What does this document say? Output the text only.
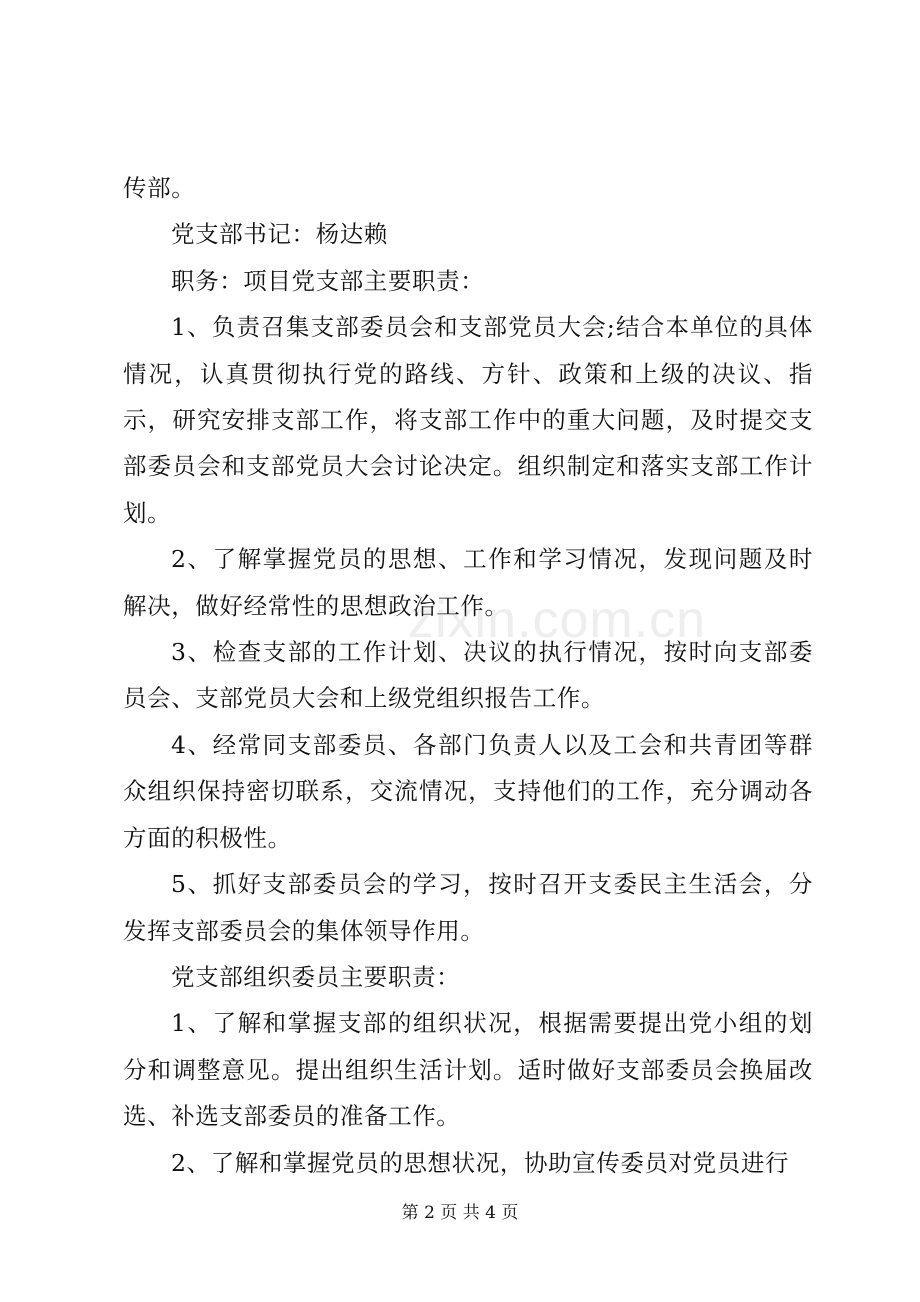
传部。

党支部书记：杨达赖

职务：项目党支部主要职责：

1、负责召集支部委员会和支部党员大会;结合本单位的具体情况，认真贯彻执行党的路线、方针、政策和上级的决议、指示，研究安排支部工作，将支部工作中的重大问题，及时提交支部委员会和支部党员大会讨论决定。组织制定和落实支部工作计划。

2、了解掌握党员的思想、工作和学习情况，发现问题及时解决，做好经常性的思想政治工作。

3、检查支部的工作计划、决议的执行情况，按时向支部委员会、支部党员大会和上级党组织报告工作。

4、经常同支部委员、各部门负责人以及工会和共青团等群众组织保持密切联系，交流情况，支持他们的工作，充分调动各方面的积极性。

5、抓好支部委员会的学习，按时召开支委民主生活会，分发挥支部委员会的集体领导作用。

党支部组织委员主要职责：

1、了解和掌握支部的组织状况，根据需要提出党小组的划分和调整意见。提出组织生活计划。适时做好支部委员会换届改选、补选支部委员的准备工作。

2、了解和掌握党员的思想状况，协助宣传委员对党员进行

zixin.com.cn
第 2 页 共 4 页
